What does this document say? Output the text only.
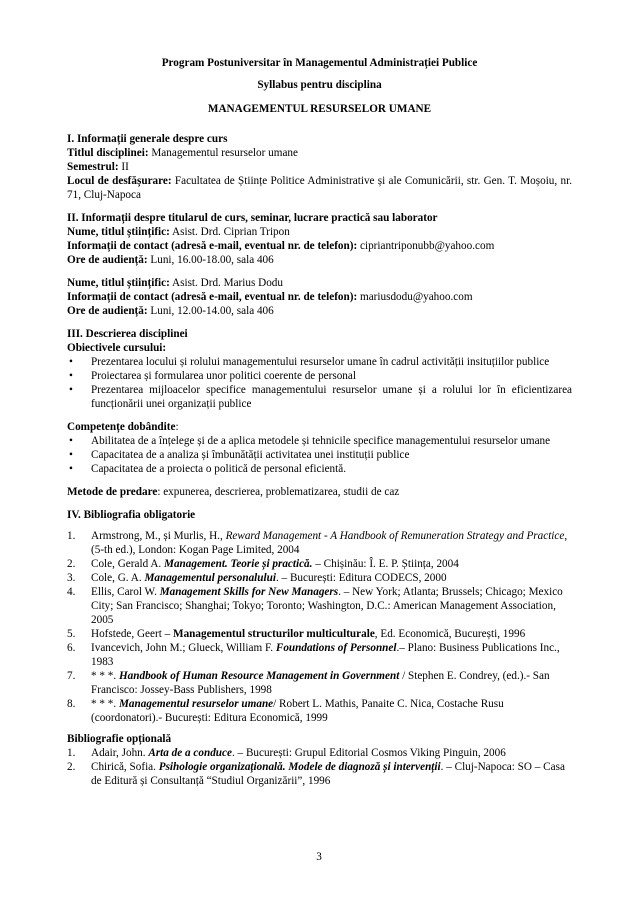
Program Postuniversitar în Managementul Administrației Publice

Syllabus pentru disciplina

MANAGEMENTUL RESURSELOR UMANE

I. Informații generale despre curs

Titlul disciplinei: Managementul resurselor umane

Semestrul: II

Locul de desfășurare: Facultatea de Științe Politice Administrative și ale Comunicării, str. Gen. T. Moșoiu, nr. 71, Cluj-Napoca

II. Informații despre titularul de curs, seminar, lucrare practică sau laborator

Nume, titlul științific: Asist. Drd. Ciprian Tripon

Informații de contact (adresă e-mail, eventual nr. de telefon): cipriantriponubb@yahoo.com

Ore de audiență: Luni, 16.00-18.00, sala 406

Nume, titlul științific: Asist. Drd. Marius Dodu

Informații de contact (adresă e-mail, eventual nr. de telefon): mariusdodu@yahoo.com

Ore de audiență: Luni, 12.00-14.00, sala 406

III. Descrierea disciplinei

Obiectivele cursului:

• Prezentarea locului și rolului managementului resurselor umane în cadrul activității insituțiilor publice
• Proiectarea și formularea unor politici coerente de personal
• Prezentarea mijloacelor specifice managementului resurselor umane și a rolului lor în eficientizarea funcționării unei organizații publice

Competențe dobândite:

• Abilitatea de a înțelege și de a aplica metodele și tehnicile specifice managementului resurselor umane
• Capacitatea de a analiza și îmbunătății activitatea unei instituții publice
• Capacitatea de a proiecta o politică de personal eficientă.

Metode de predare: expunerea, descrierea, problematizarea, studii de caz

IV. Bibliografia obligatorie

1. Armstrong, M., și Murlis, H., Reward Management - A Handbook of Remuneration Strategy and Practice, (5-th ed.), London: Kogan Page Limited, 2004
2. Cole, Gerald A. Management. Teorie și practică. – Chișinău: Î. E. P. Știința, 2004
3. Cole, G. A. Managementul personalului. – București: Editura CODECS, 2000
4. Ellis, Carol W. Management Skills for New Managers. – New York; Atlanta; Brussels; Chicago; Mexico City; San Francisco; Shanghai; Tokyo; Toronto; Washington, D.C.: American Management Association, 2005
5. Hofstede, Geert – Managementul structurilor multiculturale, Ed. Economică, București, 1996
6. Ivancevich, John M.; Glueck, William F. Foundations of Personnel.– Plano: Business Publications Inc., 1983
7. * * *. Handbook of Human Resource Management in Government / Stephen E. Condrey, (ed.).- San Francisco: Jossey-Bass Publishers, 1998
8. * * *. Managementul resurselor umane/ Robert L. Mathis, Panaite C. Nica, Costache Rusu (coordonatori).- București: Editura Economică, 1999

Bibliografie opțională

1. Adair, John. Arta de a conduce. – București: Grupul Editorial Cosmos Viking Pinguin, 2006
2. Chirică, Sofia. Psihologie organizațională. Modele de diagnoză și intervenții. – Cluj-Napoca: SO – Casa de Editură și Consultanță “Studiul Organizării”, 1996
3
